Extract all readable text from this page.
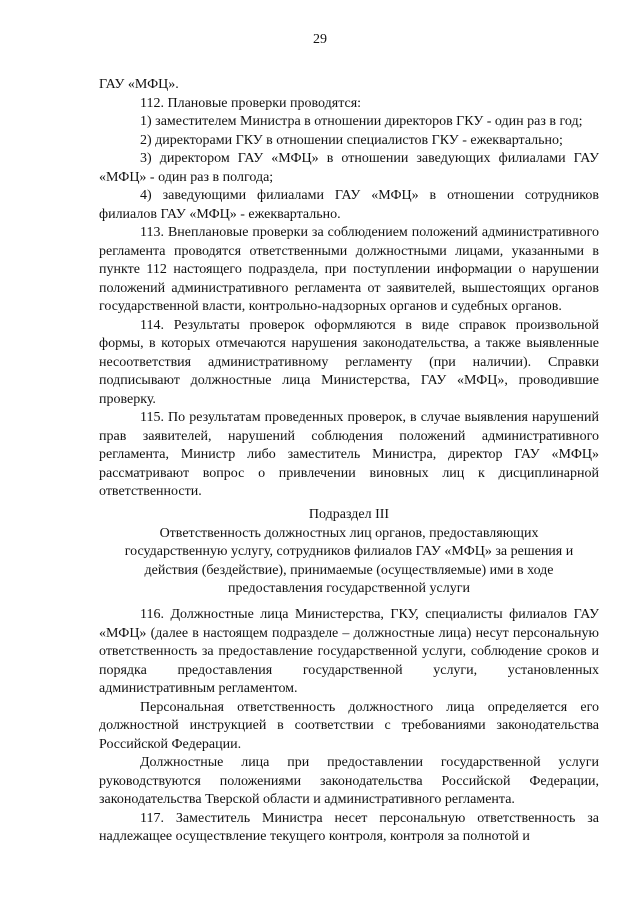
29

ГАУ «МФЦ».

112. Плановые проверки проводятся:

1) заместителем Министра в отношении директоров ГКУ - один раз в год;

2) директорами ГКУ в отношении специалистов ГКУ - ежеквартально;

3) директором ГАУ «МФЦ» в отношении заведующих филиалами ГАУ «МФЦ» - один раз в полгода;

4) заведующими филиалами ГАУ «МФЦ» в отношении сотрудников филиалов ГАУ «МФЦ» - ежеквартально.

113. Внеплановые проверки за соблюдением положений административного регламента проводятся ответственными должностными лицами, указанными в пункте 112 настоящего подраздела, при поступлении информации о нарушении положений административного регламента от заявителей, вышестоящих органов государственной власти, контрольно-надзорных органов и судебных органов.

114. Результаты проверок оформляются в виде справок произвольной формы, в которых отмечаются нарушения законодательства, а также выявленные несоответствия административному регламенту (при наличии). Справки подписывают должностные лица Министерства, ГАУ «МФЦ», проводившие проверку.

115. По результатам проведенных проверок, в случае выявления нарушений прав заявителей, нарушений соблюдения положений административного регламента, Министр либо заместитель Министра, директор ГАУ «МФЦ» рассматривают вопрос о привлечении виновных лиц к дисциплинарной ответственности.

Подраздел III

Ответственность должностных лиц органов, предоставляющих

государственную услугу, сотрудников филиалов ГАУ «МФЦ» за решения и

действия (бездействие), принимаемые (осуществляемые) ими в ходе

предоставления государственной услуги

116. Должностные лица Министерства, ГКУ, специалисты филиалов ГАУ «МФЦ» (далее в настоящем подразделе – должностные лица) несут персональную ответственность за предоставление государственной услуги, соблюдение сроков и порядка предоставления государственной услуги, установленных административным регламентом.

Персональная ответственность должностного лица определяется его должностной инструкцией в соответствии с требованиями законодательства Российской Федерации.

Должностные лица при предоставлении государственной услуги руководствуются положениями законодательства Российской Федерации, законодательства Тверской области и административного регламента.

117. Заместитель Министра несет персональную ответственность за надлежащее осуществление текущего контроля, контроля за полнотой и
